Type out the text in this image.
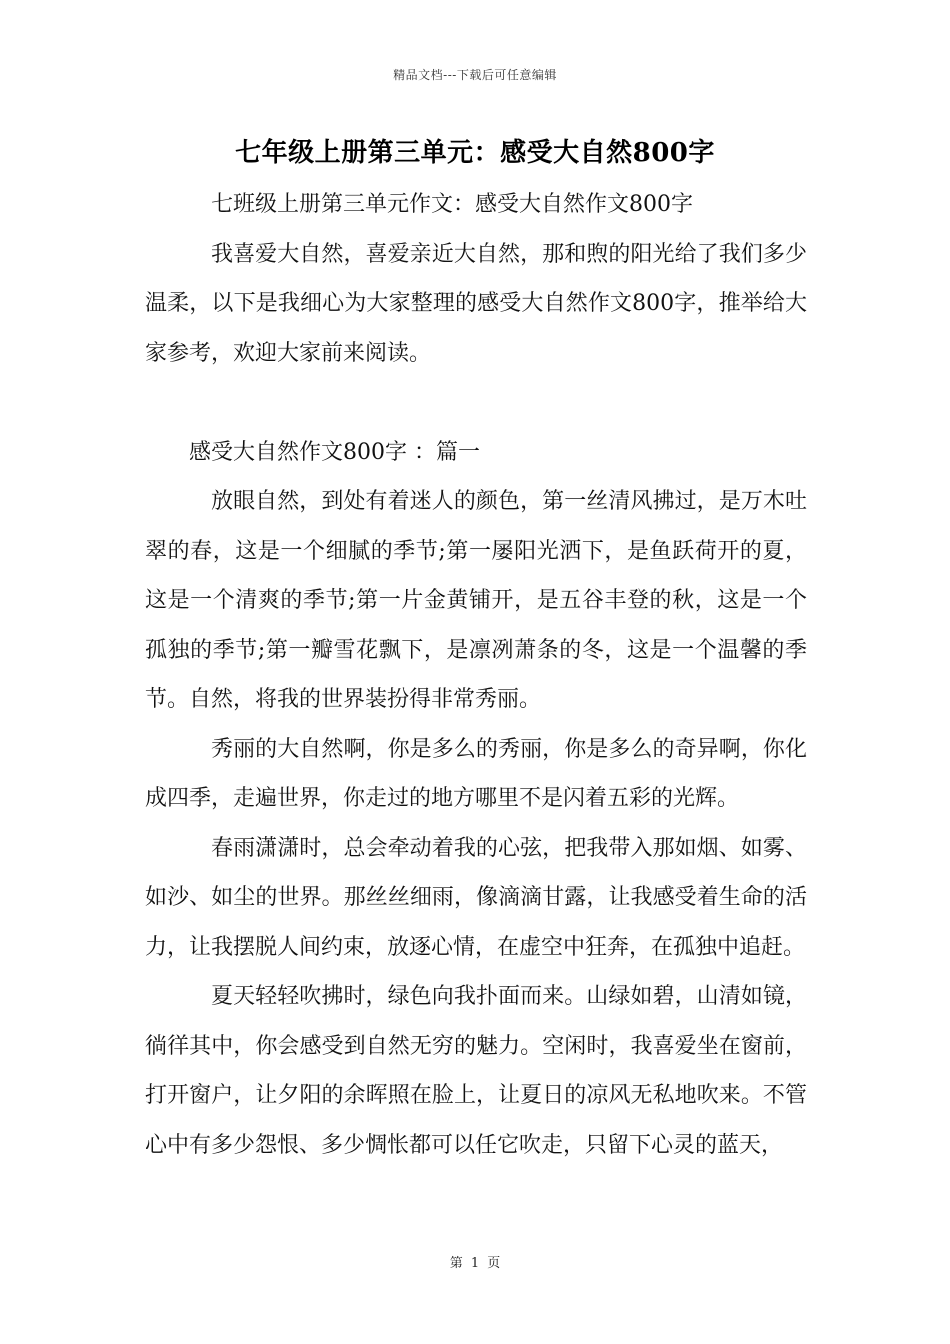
精品文档---下载后可任意编辑
七年级上册第三单元：感受大自然800字

七班级上册第三单元作文：感受大自然作文800字

我喜爱大自然，喜爱亲近大自然，那和煦的阳光给了我们多少温柔，以下是我细心为大家整理的感受大自然作文800字，推举给大家参考，欢迎大家前来阅读。

感受大自然作文800字 ：篇一

放眼自然，到处有着迷人的颜色，第一丝清风拂过，是万木吐翠的春，这是一个细腻的季节;第一屡阳光洒下，是鱼跃荷开的夏，这是一个清爽的季节;第一片金黄铺开，是五谷丰登的秋，这是一个孤独的季节;第一瓣雪花飘下，是凛冽萧条的冬，这是一个温馨的季节。自然，将我的世界装扮得非常秀丽。

秀丽的大自然啊，你是多么的秀丽，你是多么的奇异啊，你化成四季，走遍世界，你走过的地方哪里不是闪着五彩的光辉。

春雨潇潇时，总会牵动着我的心弦，把我带入那如烟、如雾、如沙、如尘的世界。那丝丝细雨，像滴滴甘露，让我感受着生命的活力，让我摆脱人间约束，放逐心情，在虚空中狂奔，在孤独中追赶。

夏天轻轻吹拂时，绿色向我扑面而来。山绿如碧，山清如镜，徜徉其中，你会感受到自然无穷的魅力。空闲时，我喜爱坐在窗前，打开窗户，让夕阳的余晖照在脸上，让夏日的凉风无私地吹来。不管心中有多少怨恨、多少惆怅都可以任它吹走，只留下心灵的蓝天，

第 1 页
